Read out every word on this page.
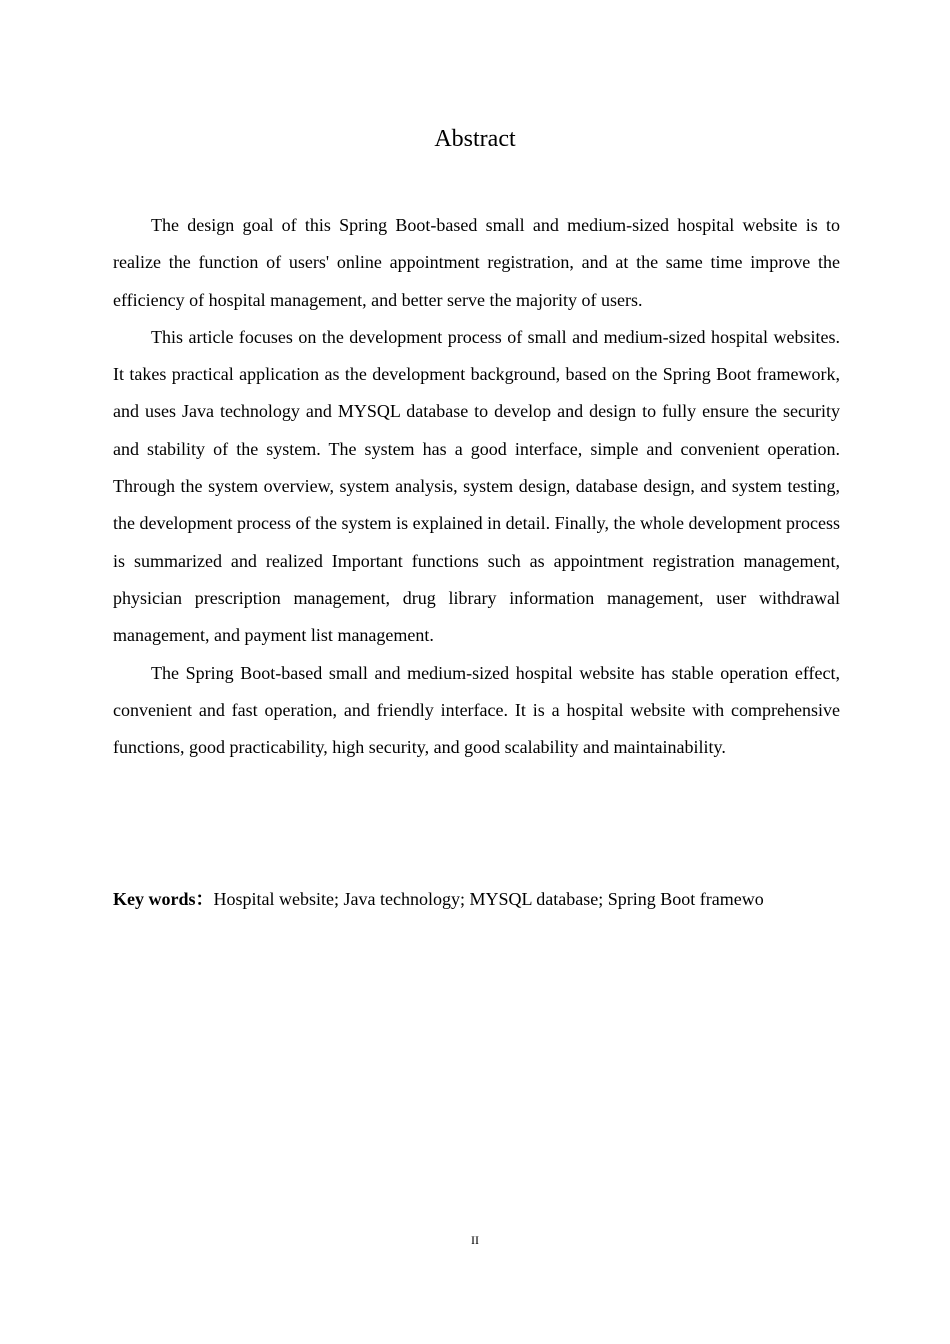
Abstract

The design goal of this Spring Boot-based small and medium-sized hospital website is to realize the function of users' online appointment registration, and at the same time improve the efficiency of hospital management, and better serve the majority of users.

This article focuses on the development process of small and medium-sized hospital websites. It takes practical application as the development background, based on the Spring Boot framework, and uses Java technology and MYSQL database to develop and design to fully ensure the security and stability of the system. The system has a good interface, simple and convenient operation. Through the system overview, system analysis, system design, database design, and system testing, the development process of the system is explained in detail. Finally, the whole development process is summarized and realized Important functions such as appointment registration management, physician prescription management, drug library information management, user withdrawal management, and payment list management.

The Spring Boot-based small and medium-sized hospital website has stable operation effect, convenient and fast operation, and friendly interface. It is a hospital website with comprehensive functions, good practicability, high security, and good scalability and maintainability.

Key words：Hospital website; Java technology; MYSQL database; Spring Boot framewo

II
